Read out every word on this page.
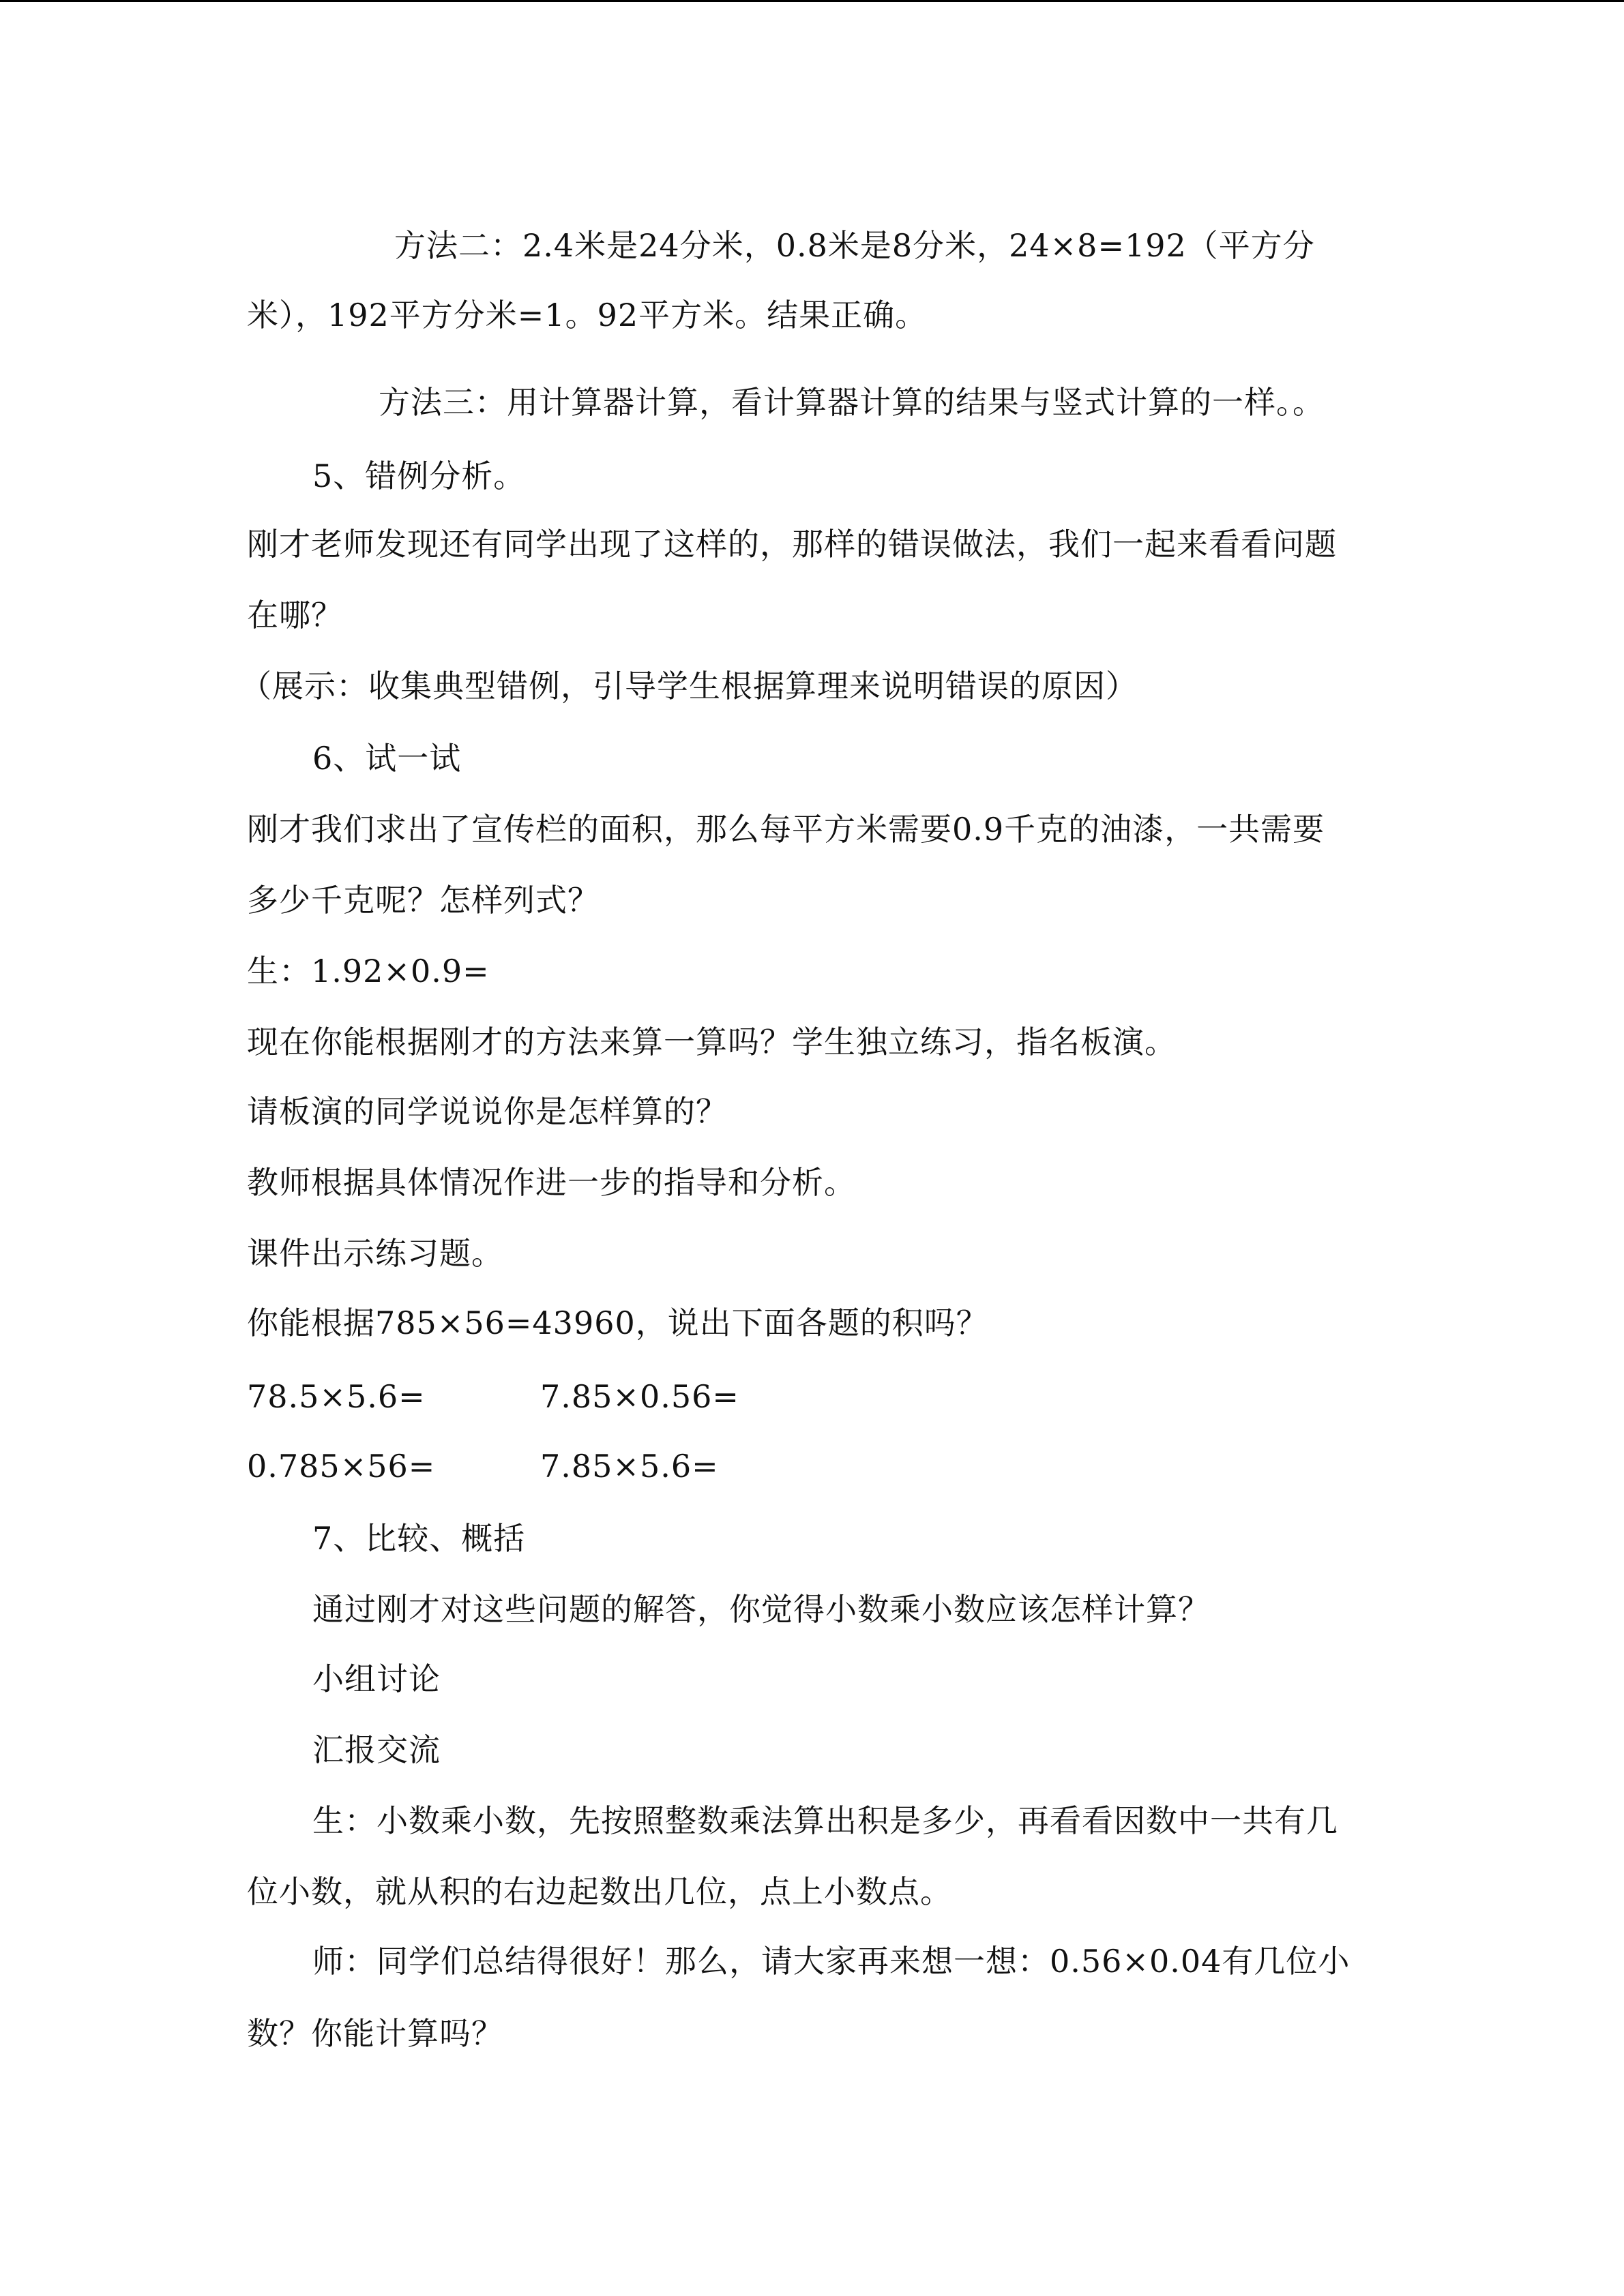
方法二：2.4米是24分米，0.8米是8分米，24×8=192（平方分
米），192平方分米=1。92平方米。结果正确。
方法三：用计算器计算，看计算器计算的结果与竖式计算的一样。。
5、错例分析。
刚才老师发现还有同学出现了这样的，那样的错误做法，我们一起来看看问题
在哪？
（展示：收集典型错例，引导学生根据算理来说明错误的原因）
6、试一试
刚才我们求出了宣传栏的面积，那么每平方米需要0.9千克的油漆，一共需要
多少千克呢？怎样列式？
生：1.92×0.9=
现在你能根据刚才的方法来算一算吗？学生独立练习，指名板演。
请板演的同学说说你是怎样算的？
教师根据具体情况作进一步的指导和分析。
课件出示练习题。
你能根据785×56=43960，说出下面各题的积吗？
78.5×5.6=	7.85×0.56=
0.785×56=	7.85×5.6=
7、比较、概括
通过刚才对这些问题的解答，你觉得小数乘小数应该怎样计算？
小组讨论
汇报交流
生：小数乘小数，先按照整数乘法算出积是多少，再看看因数中一共有几
位小数，就从积的右边起数出几位，点上小数点。
师：同学们总结得很好！那么，请大家再来想一想：0.56×0.04有几位小
数？你能计算吗？
